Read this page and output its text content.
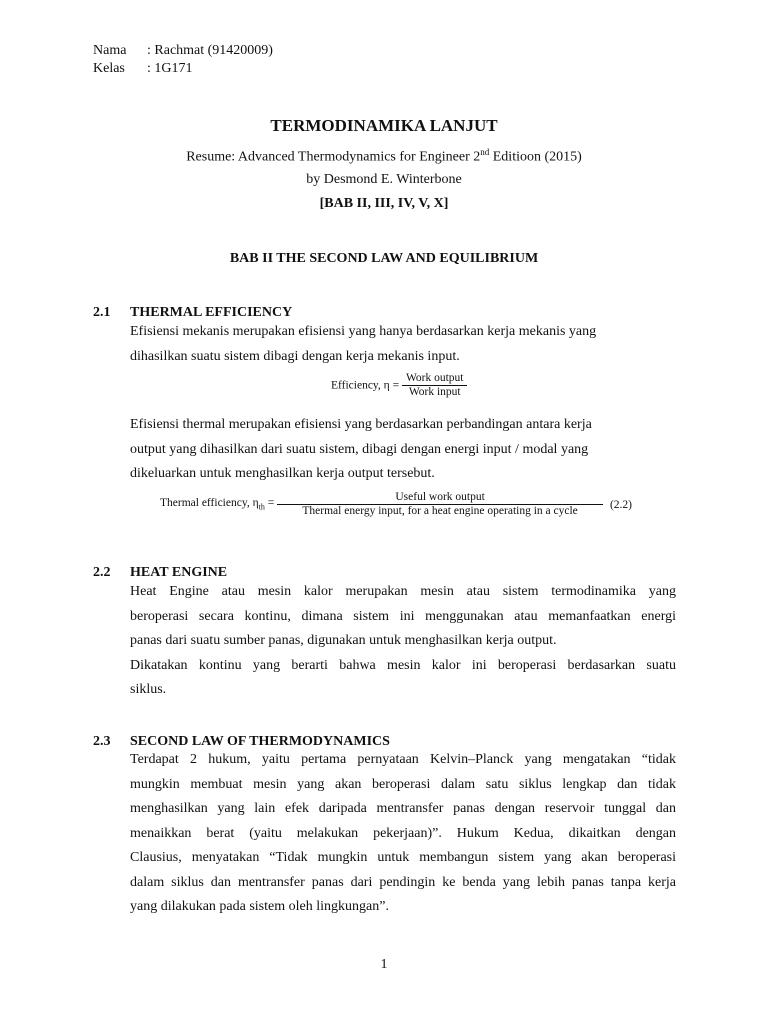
Nama : Rachmat (91420009)
Kelas : 1G171
TERMODINAMIKA LANJUT
Resume: Advanced Thermodynamics for Engineer 2nd Editioon (2015)
by Desmond E. Winterbone
[BAB II, III, IV, V, X]
BAB II THE SECOND LAW AND EQUILIBRIUM
2.1 THERMAL EFFICIENCY

Efisiensi mekanis merupakan efisiensi yang hanya berdasarkan kerja mekanis yang
dihasilkan suatu sistem dibagi dengan kerja mekanis input.

Efficiency, $\eta = \frac{\text{Work output}}{\text{Work input}}$

Efisiensi thermal merupakan efisiensi yang berdasarkan perbandingan antara kerja
output yang dihasilkan dari suatu sistem, dibagi dengan energi input / modal yang
dikeluarkan untuk menghasilkan kerja output tersebut.

Thermal efficiency, $\eta_{th}$ =
Useful work output
Thermal energy input, for a heat engine operating in a cycle
(2.2)
2.2 HEAT ENGINE

Heat Engine atau mesin kalor merupakan mesin atau sistem termodinamika yang
beroperasi secara kontinu, dimana sistem ini menggunakan atau memanfaatkan energi
panas dari suatu sumber panas, digunakan untuk menghasilkan kerja output.
Dikatakan kontinu yang berarti bahwa mesin kalor ini beroperasi berdasarkan suatu
siklus.

2.3 SECOND LAW OF THERMODYNAMICS

Terdapat 2 hukum, yaitu pertama pernyataan Kelvin–Planck yang mengatakan “tidak
mungkin membuat mesin yang akan beroperasi dalam satu siklus lengkap dan tidak
menghasilkan yang lain efek daripada mentransfer panas dengan reservoir tunggal dan
menaikkan berat (yaitu melakukan pekerjaan)”. Hukum Kedua, dikaitkan dengan
Clausius, menyatakan “Tidak mungkin untuk membangun sistem yang akan beroperasi
dalam siklus dan mentransfer panas dari pendingin ke benda yang lebih panas tanpa kerja
yang dilakukan pada sistem oleh lingkungan”.

1
